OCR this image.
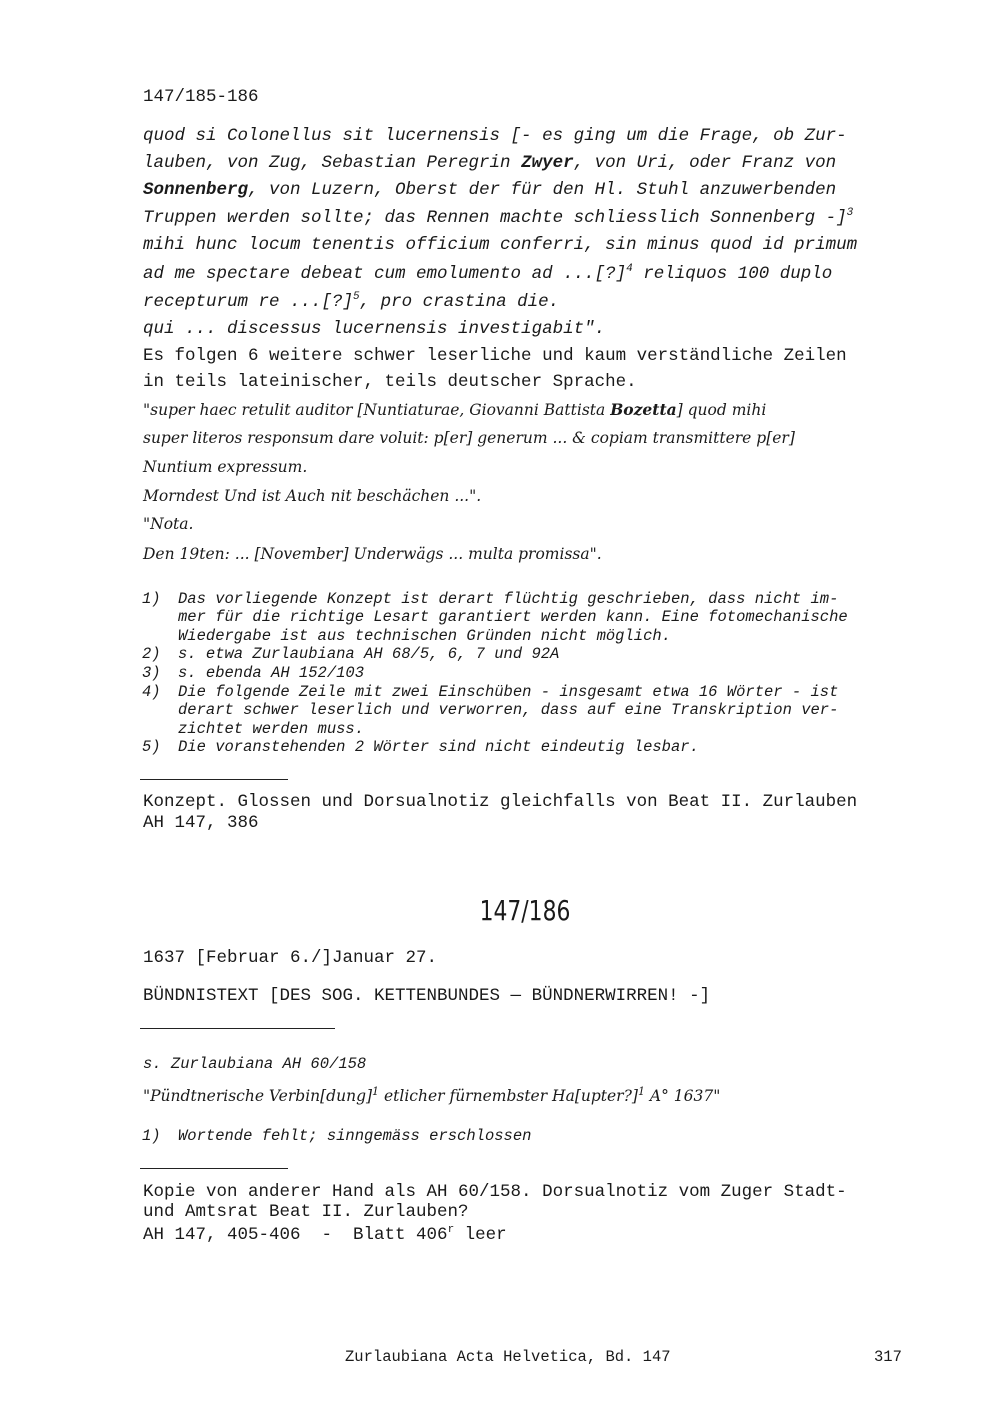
147/185-186
quod si Colonellus sit lucernensis [- es ging um die Frage, ob Zur-
lauben, von Zug, Sebastian Peregrin Zwyer, von Uri, oder Franz von
Sonnenberg, von Luzern, Oberst der für den Hl. Stuhl anzuwerbenden
Truppen werden sollte; das Rennen machte schliesslich Sonnenberg -]$^3$
mihi hunc locum tenentis officium conferri, sin minus quod id primum
ad me spectare debeat cum emolumento ad ...[?]$^4$ reliquos 100 duplo
recepturum re ...[?]$^5$, pro crastina die.
qui ... discessus lucernensis investigabit".
Es folgen 6 weitere schwer leserliche und kaum verständliche Zeilen
in teils lateinischer, teils deutscher Sprache.
"super haec retulit auditor [Nuntiaturae, Giovanni Battista Bozetta] quod mihi
super literos responsum dare voluit: p[er] generum ... & copiam transmittere p[er]
Nuntium expressum.
Morndest Und ist Auch nit beschächen ...".
"Nota.
Den 19ten: ... [November] Underwägs ... multa promissa".
1) Das vorliegende Konzept ist derart flüchtig geschrieben, dass nicht im-
mer für die richtige Lesart garantiert werden kann. Eine fotomechanische
Wiedergabe ist aus technischen Gründen nicht möglich.
2) s. etwa Zurlaubiana AH 68/5, 6, 7 und 92A
3) s. ebenda AH 152/103
4) Die folgende Zeile mit zwei Einschüben - insgesamt etwa 16 Wörter - ist
derart schwer leserlich und verworren, dass auf eine Transkription ver-
zichtet werden muss.
5) Die voranstehenden 2 Wörter sind nicht eindeutig lesbar.
Konzept. Glossen und Dorsualnotiz gleichfalls von Beat II. Zurlauben
AH 147, 386
147/186
1637 [Februar 6./]Januar 27.
BÜNDNISTEXT [DES SOG. KETTENBUNDES — BÜNDNERWIRREN! -]
s. Zurlaubiana AH 60/158
"Pündtnerische Verbin[dung]$^1$ etlicher fürnembster Ha[upter?]$^1$ A° 1637"
1) Wortende fehlt; sinngemäss erschlossen
Kopie von anderer Hand als AH 60/158. Dorsualnotiz vom Zuger Stadt-
und Amtsrat Beat II. Zurlauben?
AH 147, 405-406  -  Blatt 406$^r$ leer
Zurlaubiana Acta Helvetica, Bd. 147	317
